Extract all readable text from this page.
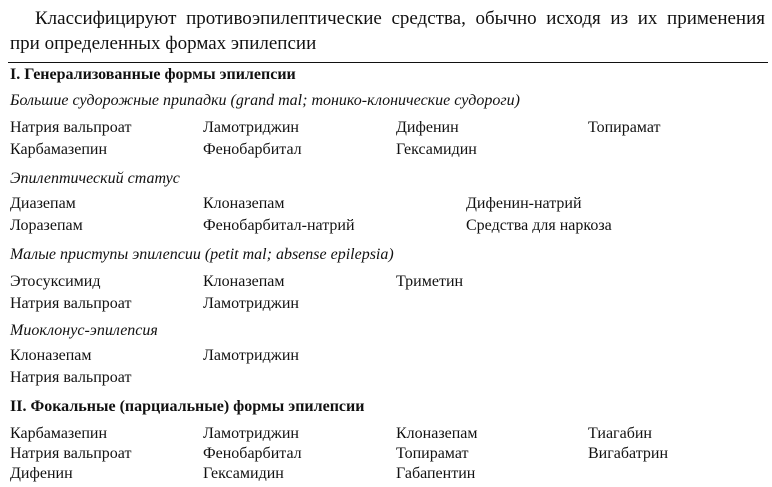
Классифицируют противоэпилептические средства, обычно исходя из их применения при определенных формах эпилепсии

I. Генерализованные формы эпилепсии

Большие судорожные припадки (grand mal; тонико-клонические судороги)

Натрия вальпроат	Ламотриджин	Дифенин	Топирамат
Карбамазепин	Фенобарбитал	Гексамидин

Эпилептический статус

Диазепам	Клоназепам	Дифенин-натрий
Лоразепам	Фенобарбитал-натрий	Средства для наркоза

Малые приступы эпилепсии (petit mal; absense epilepsia)

Этосуксимид	Клоназепам	Триметин
Натрия вальпроат	Ламотриджин

Миоклонус-эпилепсия

Клоназепам	Ламотриджин
Натрия вальпроат

II. Фокальные (парциальные) формы эпилепсии

Карбамазепин	Ламотриджин	Клоназепам	Тиагабин
Натрия вальпроат	Фенобарбитал	Топирамат	Вигабатрин
Дифенин	Гексамидин	Габапентин
